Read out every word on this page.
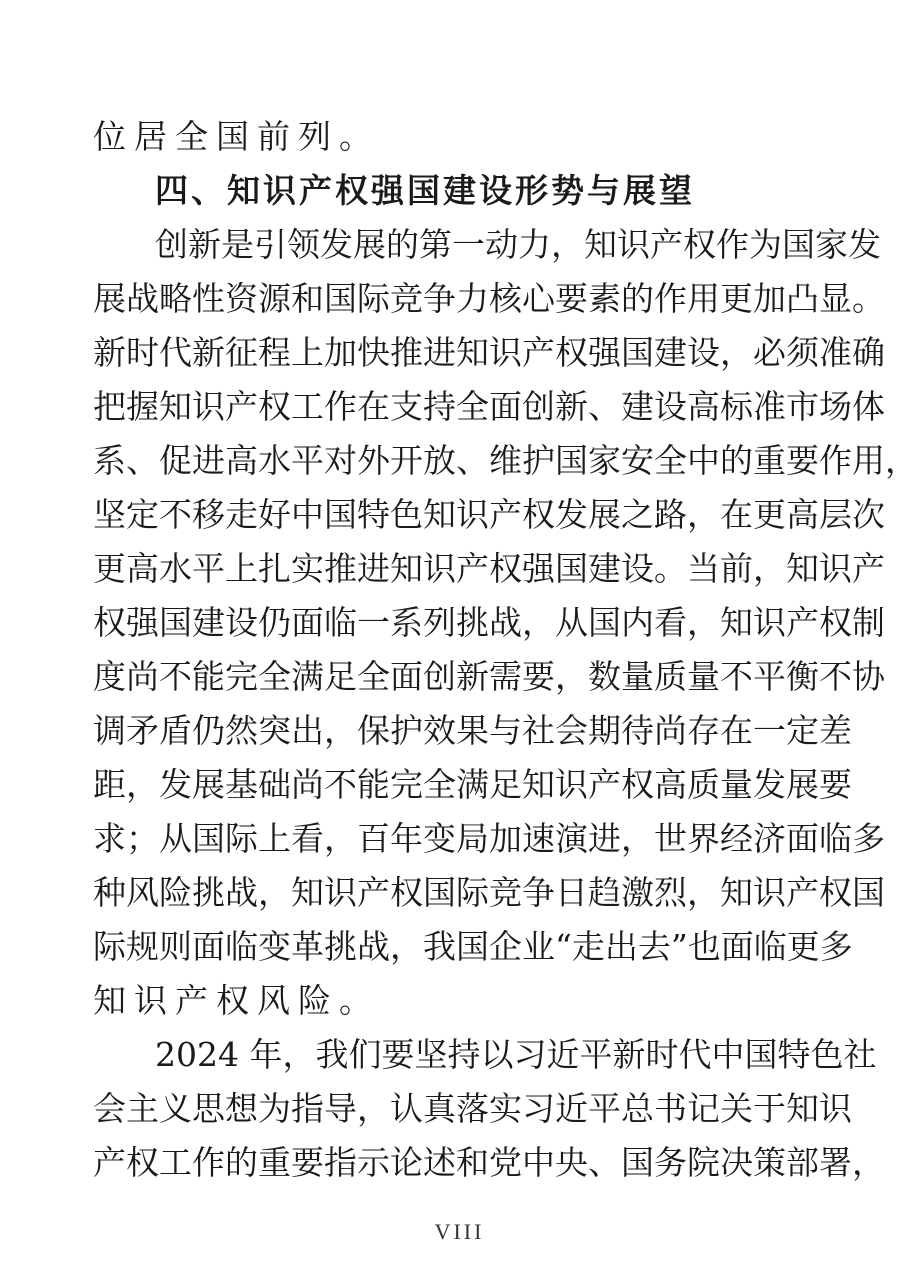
位居全国前列。
四、知识产权强国建设形势与展望
创新是引领发展的第一动力，知识产权作为国家发
展战略性资源和国际竞争力核心要素的作用更加凸显。
新时代新征程上加快推进知识产权强国建设，必须准确
把握知识产权工作在支持全面创新、建设高标准市场体
系、促进高水平对外开放、维护国家安全中的重要作用，
坚定不移走好中国特色知识产权发展之路，在更高层次
更高水平上扎实推进知识产权强国建设。当前，知识产
权强国建设仍面临一系列挑战，从国内看，知识产权制
度尚不能完全满足全面创新需要，数量质量不平衡不协
调矛盾仍然突出，保护效果与社会期待尚存在一定差
距，发展基础尚不能完全满足知识产权高质量发展要
求；从国际上看，百年变局加速演进，世界经济面临多
种风险挑战，知识产权国际竞争日趋激烈，知识产权国
际规则面临变革挑战，我国企业“走出去”也面临更多
知识产权风险。
2024 年，我们要坚持以习近平新时代中国特色社
会主义思想为指导，认真落实习近平总书记关于知识
产权工作的重要指示论述和党中央、国务院决策部署，
VIII
